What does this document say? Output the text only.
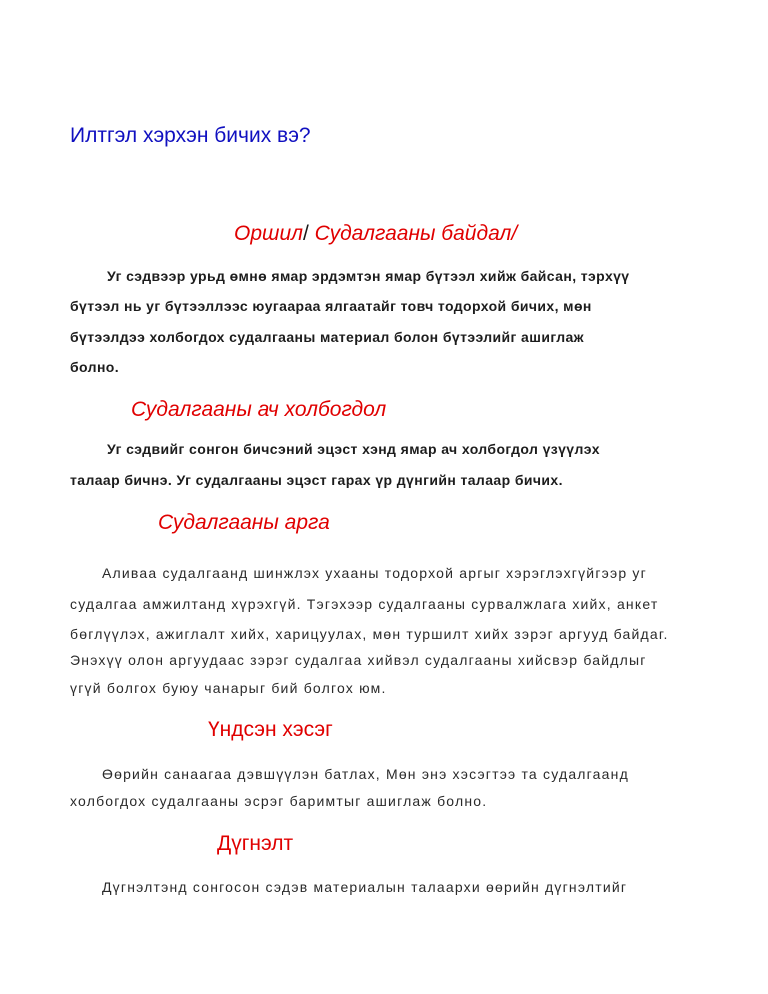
Илтгэл хэрхэн бичих вэ?
Оршил/ Судалгааны байдал/
Уг сэдвээр урьд өмнө ямар эрдэмтэн ямар бүтээл хийж байсан, тэрхүү
бүтээл нь уг бүтээллээс юугаараа ялгаатайг товч тодорхой бичих, мөн
бүтээлдээ холбогдох судалгааны материал болон бүтээлийг ашиглаж
болно.
Судалгааны ач холбогдол
Уг сэдвийг сонгон бичсэний эцэст хэнд ямар ач холбогдол үзүүлэх
талаар бичнэ. Уг судалгааны эцэст гарах үр дүнгийн талаар бичих.
Судалгааны арга
Аливаа судалгаанд шинжлэх ухааны тодорхой аргыг хэрэглэхгүйгээр уг
судалгаа амжилтанд хүрэхгүй. Тэгэхээр судалгааны сурвалжлага хийх, анкет
бөглүүлэх, ажиглалт хийх, харицуулах, мөн туршилт хийх зэрэг аргууд байдаг.
Энэхүү олон аргуудаас зэрэг судалгаа хийвэл судалгааны хийсвэр байдлыг
үгүй болгох буюу чанарыг бий болгох юм.
Үндсэн хэсэг
Өөрийн санаагаа дэвшүүлэн батлах, Мөн энэ хэсэгтээ та судалгаанд
холбогдох судалгааны эсрэг баримтыг ашиглаж болно.
Дүгнэлт
Дүгнэлтэнд сонгосон сэдэв материалын талаархи өөрийн дүгнэлтийг
